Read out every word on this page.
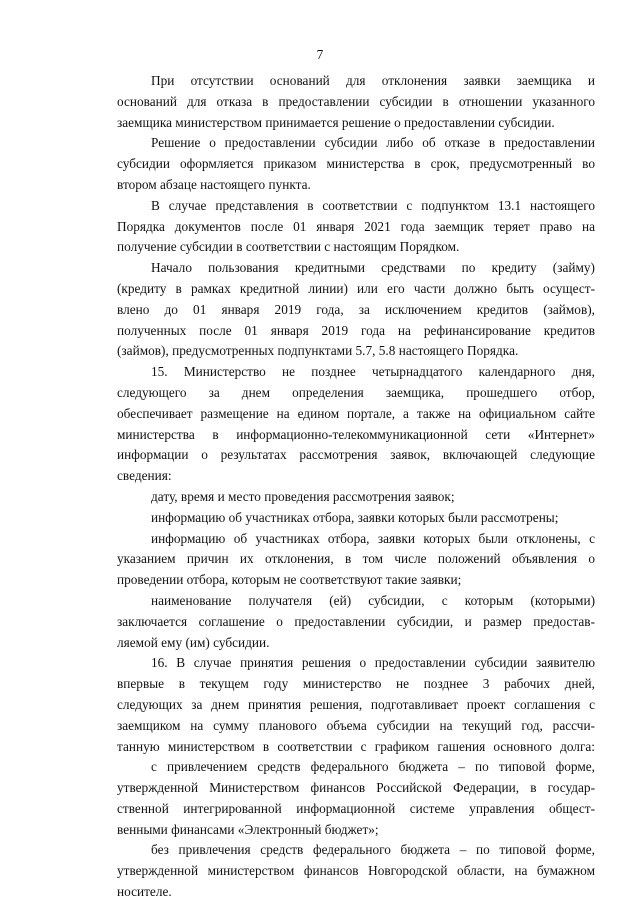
7
При отсутствии оснований для отклонения заявки заемщика и
оснований для отказа в предоставлении субсидии в отношении указанного
заемщика министерством принимается решение о предоставлении субсидии.
Решение о предоставлении субсидии либо об отказе в предоставлении
субсидии оформляется приказом министерства в срок, предусмотренный во
втором абзаце настоящего пункта.
В случае представления в соответствии с подпунктом 13.1 настоящего
Порядка документов после 01 января 2021 года заемщик теряет право на
получение субсидии в соответствии с настоящим Порядком.
Начало пользования кредитными средствами по кредиту (займу)
(кредиту в рамках кредитной линии) или его части должно быть осущест-
влено до 01 января 2019 года, за исключением кредитов (займов),
полученных после 01 января 2019 года на рефинансирование кредитов
(займов), предусмотренных подпунктами 5.7, 5.8 настоящего Порядка.
15. Министерство не позднее четырнадцатого календарного дня,
следующего за днем определения заемщика, прошедшего отбор,
обеспечивает размещение на едином портале, а также на официальном сайте
министерства в информационно-телекоммуникационной сети «Интернет»
информации о результатах рассмотрения заявок, включающей следующие
сведения:
дату, время и место проведения рассмотрения заявок;
информацию об участниках отбора, заявки которых были рассмотрены;
информацию об участниках отбора, заявки которых были отклонены, с
указанием причин их отклонения, в том числе положений объявления о
проведении отбора, которым не соответствуют такие заявки;
наименование получателя (ей) субсидии, с которым (которыми)
заключается соглашение о предоставлении субсидии, и размер предостав-
ляемой ему (им) субсидии.
16. В случае принятия решения о предоставлении субсидии заявителю
впервые в текущем году министерство не позднее 3 рабочих дней,
следующих за днем принятия решения, подготавливает проект соглашения с
заемщиком на сумму планового объема субсидии на текущий год, рассчи-
танную министерством в соответствии с графиком гашения основного долга:
с привлечением средств федерального бюджета – по типовой форме,
утвержденной Министерством финансов Российской Федерации, в государ-
ственной интегрированной информационной системе управления общест-
венными финансами «Электронный бюджет»;
без привлечения средств федерального бюджета – по типовой форме,
утвержденной министерством финансов Новгородской области, на бумажном
носителе.
